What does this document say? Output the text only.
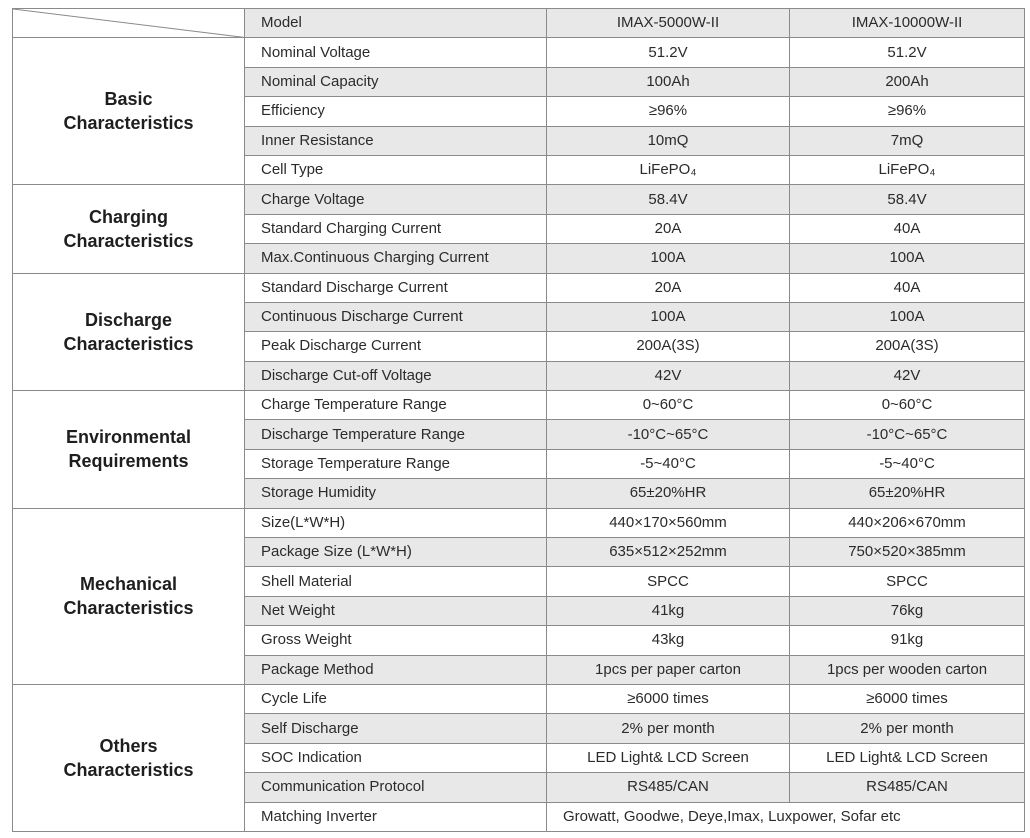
	Model	IMAX-5000W-II	IMAX-10000W-II

Basic
Characteristics	Nominal Voltage	51.2V	51.2V
	Nominal Capacity	100Ah	200Ah
	Efficiency	≥96%	≥96%
	Inner Resistance	10mQ	7mQ
	Cell Type	LiFePO₄	LiFePO₄

Charging
Characteristics	Charge Voltage	58.4V	58.4V
	Standard Charging Current	20A	40A
	Max.Continuous Charging Current	100A	100A

Discharge
Characteristics	Standard Discharge Current	20A	40A
	Continuous Discharge Current	100A	100A
	Peak Discharge Current	200A(3S)	200A(3S)
	Discharge Cut-off Voltage	42V	42V

Environmental
Requirements	Charge Temperature Range	0~60°C	0~60°C
	Discharge Temperature Range	-10°C~65°C	-10°C~65°C
	Storage Temperature Range	-5~40°C	-5~40°C
	Storage Humidity	65±20%HR	65±20%HR

Mechanical
Characteristics	Size(L*W*H)	440×170×560mm	440×206×670mm
	Package Size (L*W*H)	635×512×252mm	750×520×385mm
	Shell Material	SPCC	SPCC
	Net Weight	41kg	76kg
	Gross Weight	43kg	91kg
	Package Method	1pcs per paper carton	1pcs per wooden carton

Others
Characteristics	Cycle Life	≥6000 times	≥6000 times
	Self Discharge	2% per month	2% per month
	SOC Indication	LED Light& LCD Screen	LED Light& LCD Screen
	Communication Protocol	RS485/CAN	RS485/CAN
	Matching Inverter	Growatt, Goodwe, Deye,Imax, Luxpower, Sofar etc	
